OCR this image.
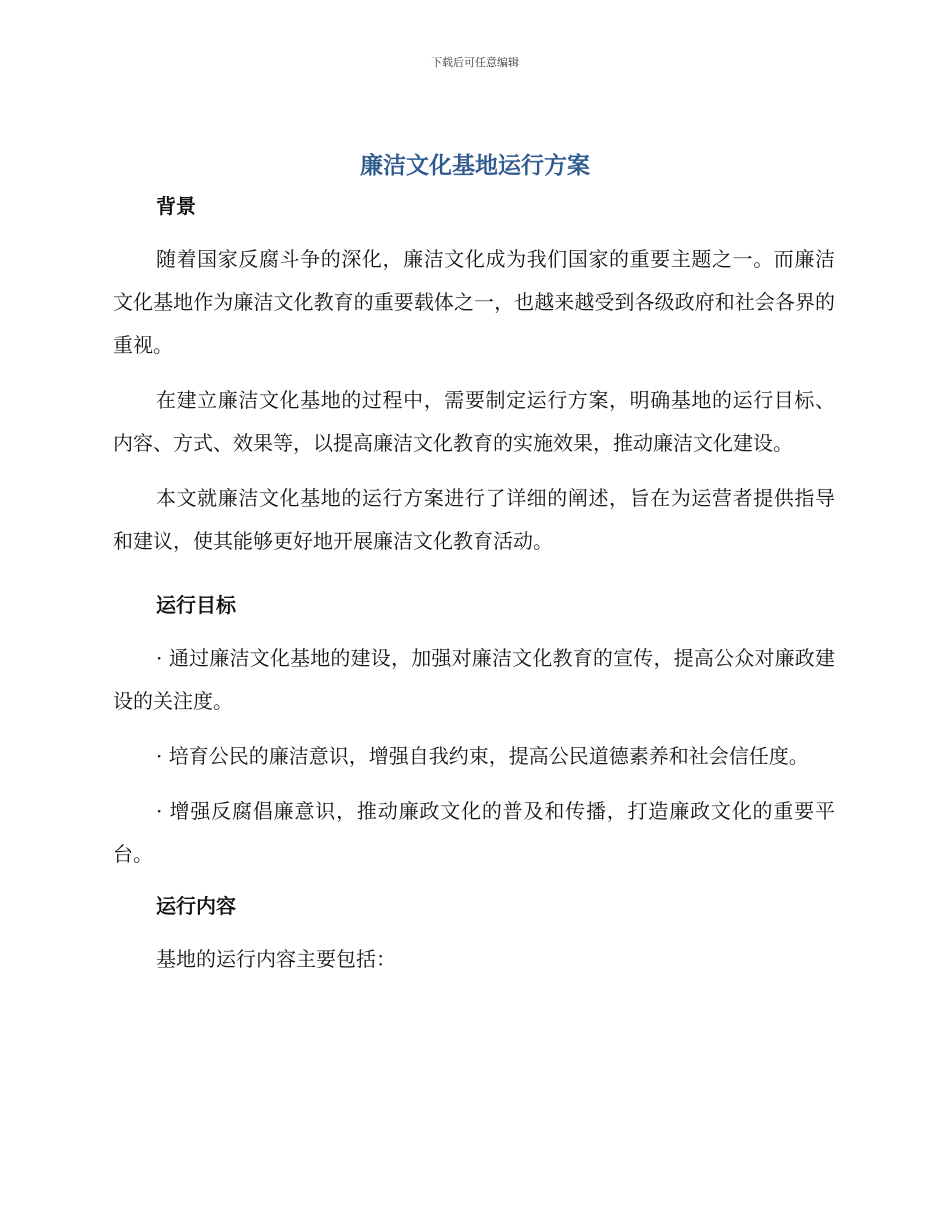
下载后可任意编辑
廉洁文化基地运行方案
背景

随着国家反腐斗争的深化，廉洁文化成为我们国家的重要主题之一。而廉洁文化基地作为廉洁文化教育的重要载体之一，也越来越受到各级政府和社会各界的重视。

在建立廉洁文化基地的过程中，需要制定运行方案，明确基地的运行目标、内容、方式、效果等，以提高廉洁文化教育的实施效果，推动廉洁文化建设。

本文就廉洁文化基地的运行方案进行了详细的阐述，旨在为运营者提供指导和建议，使其能够更好地开展廉洁文化教育活动。

运行目标

· 通过廉洁文化基地的建设，加强对廉洁文化教育的宣传，提高公众对廉政建设的关注度。

· 培育公民的廉洁意识，增强自我约束，提高公民道德素养和社会信任度。

· 增强反腐倡廉意识，推动廉政文化的普及和传播，打造廉政文化的重要平台。

运行内容

基地的运行内容主要包括：
